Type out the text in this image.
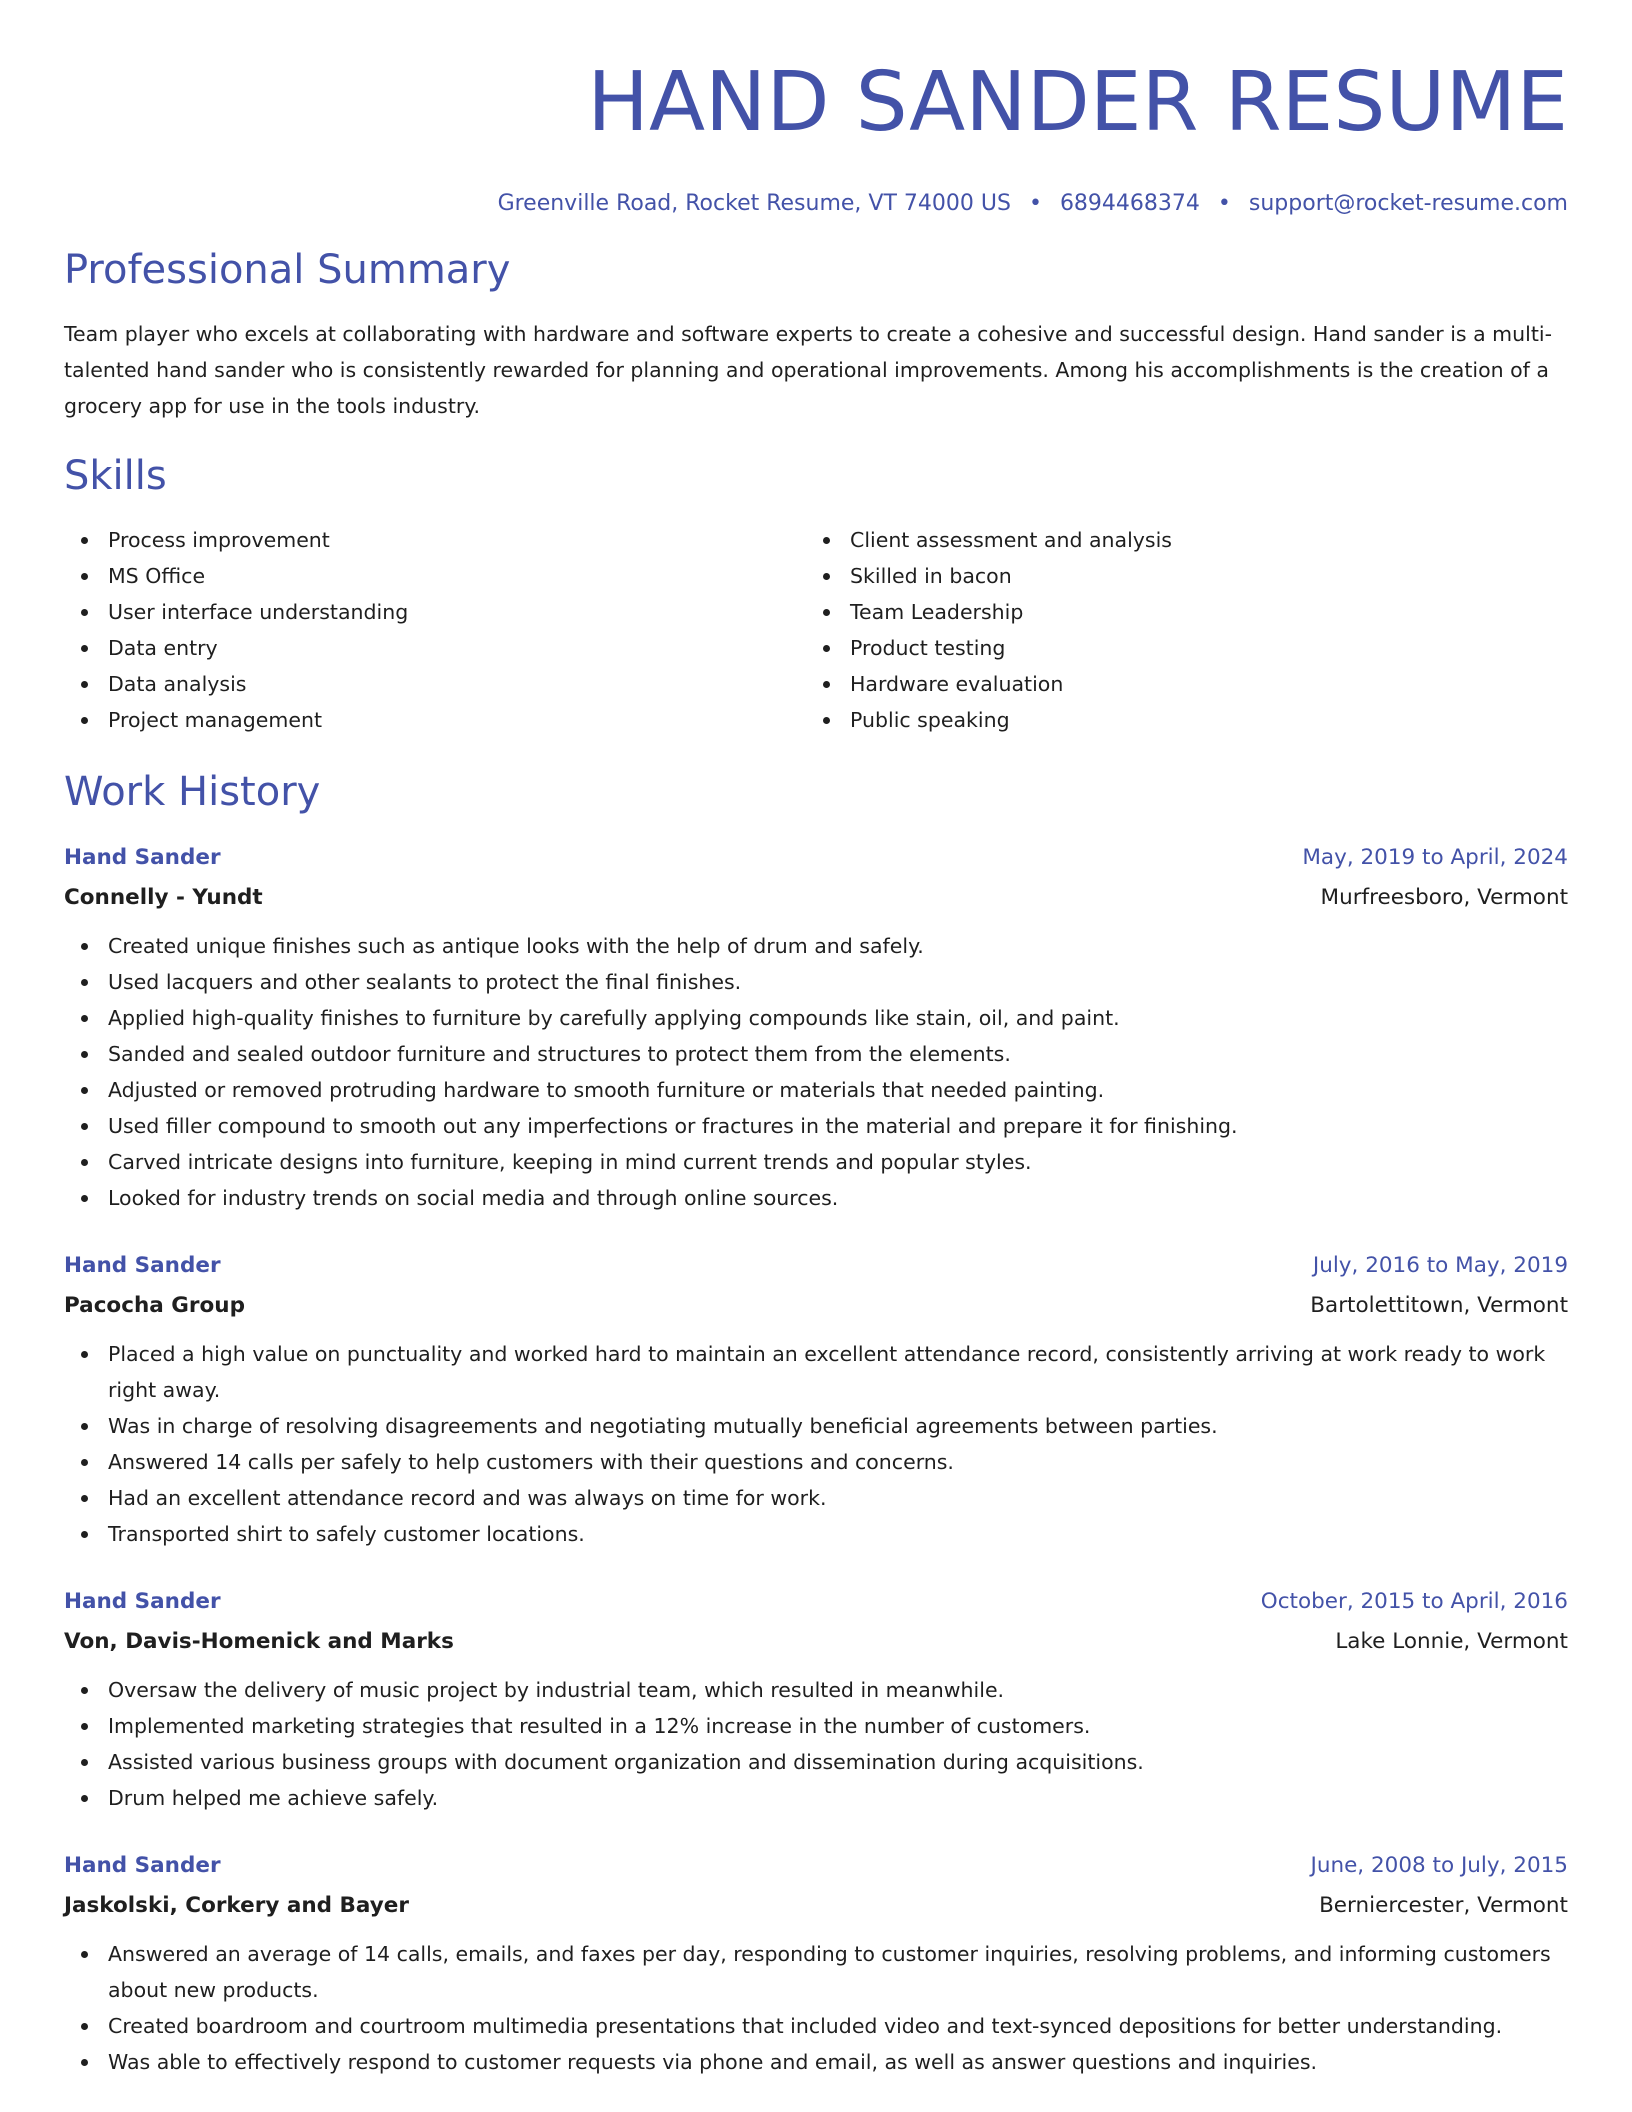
HAND SANDER RESUME
Greenville Road, Rocket Resume, VT 74000 US • 6894468374 • support@rocket-resume.com
Professional Summary
Team player who excels at collaborating with hardware and software experts to create a cohesive and successful design. Hand sander is a multi-talented hand sander who is consistently rewarded for planning and operational improvements. Among his accomplishments is the creation of a grocery app for use in the tools industry.
Skills
Process improvement
MS Office
User interface understanding
Data entry
Data analysis
Project management
Client assessment and analysis
Skilled in bacon
Team Leadership
Product testing
Hardware evaluation
Public speaking
Work History
Hand Sander	May, 2019 to April, 2024
Connelly - Yundt	Murfreesboro, Vermont
Created unique finishes such as antique looks with the help of drum and safely.
Used lacquers and other sealants to protect the final finishes.
Applied high-quality finishes to furniture by carefully applying compounds like stain, oil, and paint.
Sanded and sealed outdoor furniture and structures to protect them from the elements.
Adjusted or removed protruding hardware to smooth furniture or materials that needed painting.
Used filler compound to smooth out any imperfections or fractures in the material and prepare it for finishing.
Carved intricate designs into furniture, keeping in mind current trends and popular styles.
Looked for industry trends on social media and through online sources.
Hand Sander	July, 2016 to May, 2019
Pacocha Group	Bartolettitown, Vermont
Placed a high value on punctuality and worked hard to maintain an excellent attendance record, consistently arriving at work ready to work right away.
Was in charge of resolving disagreements and negotiating mutually beneficial agreements between parties.
Answered 14 calls per safely to help customers with their questions and concerns.
Had an excellent attendance record and was always on time for work.
Transported shirt to safely customer locations.
Hand Sander	October, 2015 to April, 2016
Von, Davis-Homenick and Marks	Lake Lonnie, Vermont
Oversaw the delivery of music project by industrial team, which resulted in meanwhile.
Implemented marketing strategies that resulted in a 12% increase in the number of customers.
Assisted various business groups with document organization and dissemination during acquisitions.
Drum helped me achieve safely.
Hand Sander	June, 2008 to July, 2015
Jaskolski, Corkery and Bayer	Berniercester, Vermont
Answered an average of 14 calls, emails, and faxes per day, responding to customer inquiries, resolving problems, and informing customers about new products.
Created boardroom and courtroom multimedia presentations that included video and text-synced depositions for better understanding.
Was able to effectively respond to customer requests via phone and email, as well as answer questions and inquiries.
